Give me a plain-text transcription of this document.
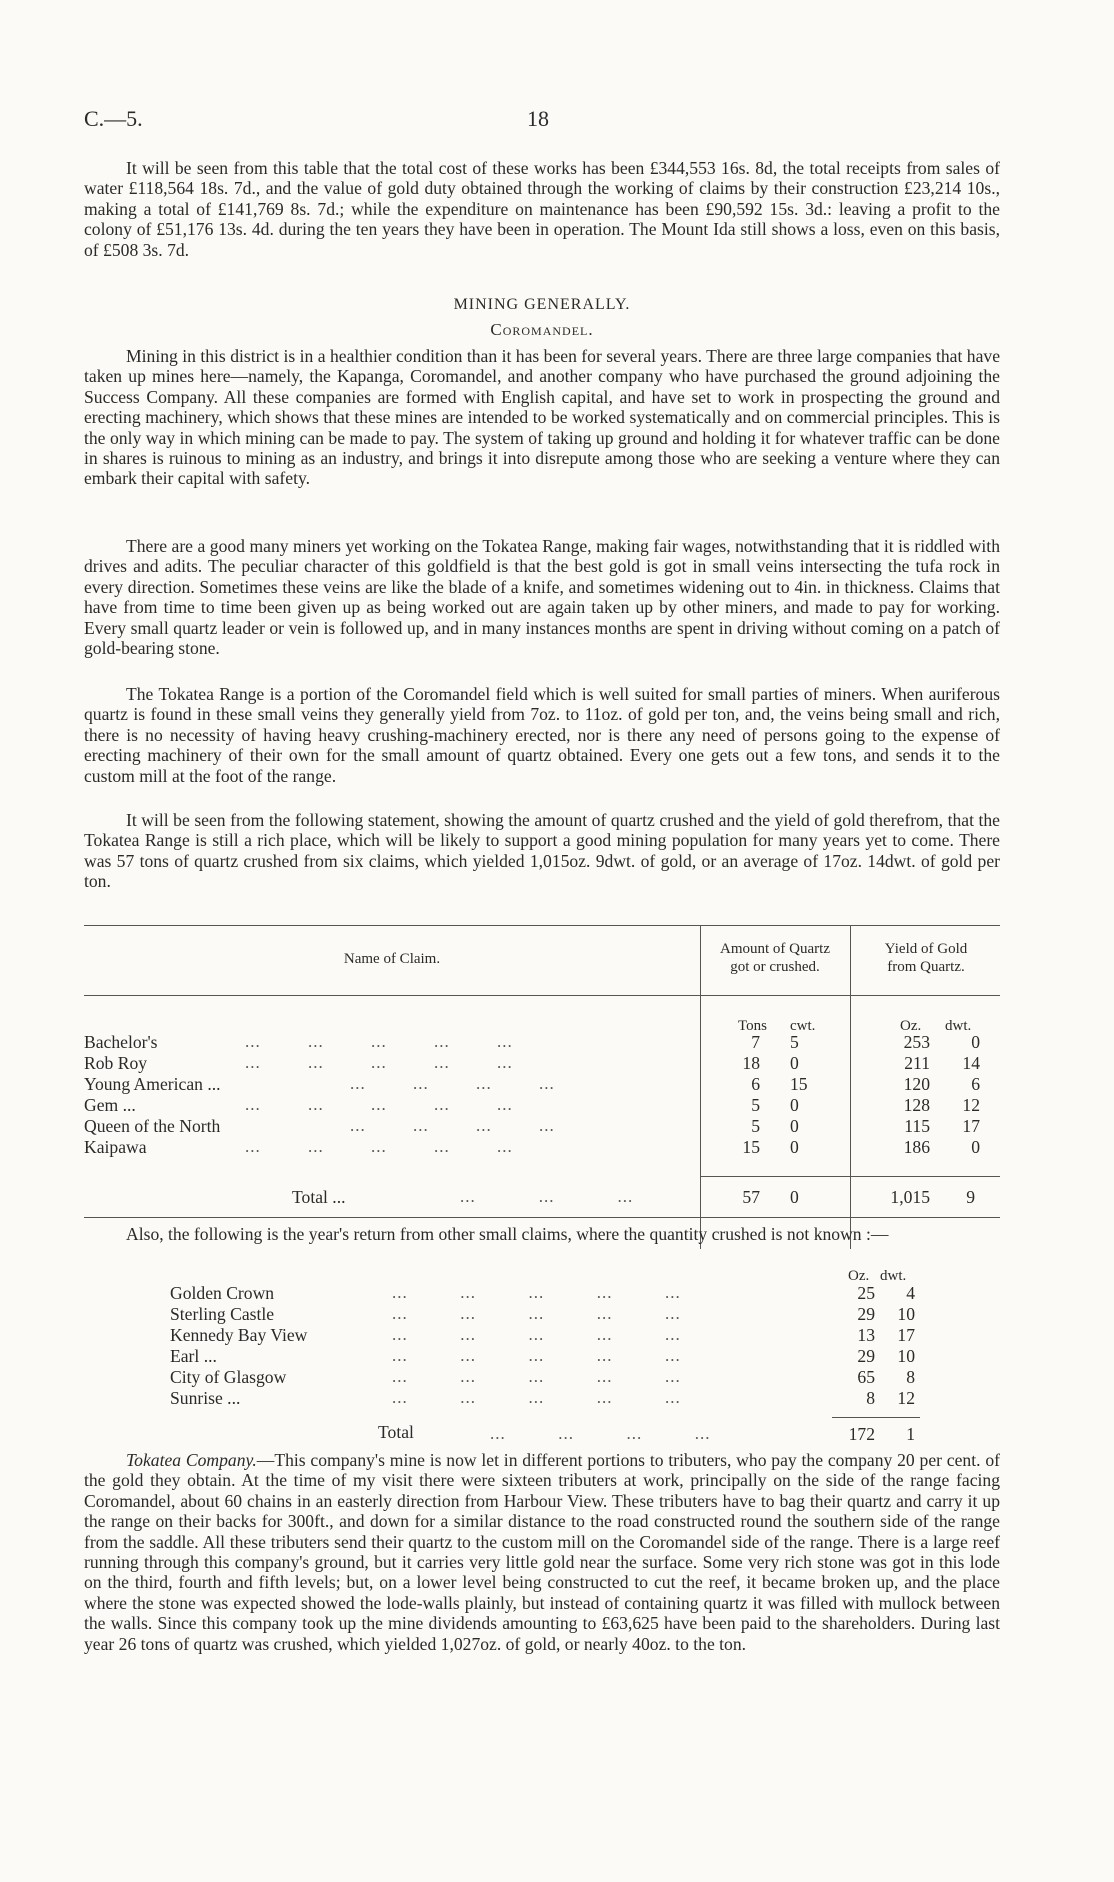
C.—5.	18
It will be seen from this table that the total cost of these works has been £344,553 16s. 8d, the total receipts from sales of water £118,564 18s. 7d., and the value of gold duty obtained through the working of claims by their construction £23,214 10s., making a total of £141,769 8s. 7d.; while the expenditure on maintenance has been £90,592 15s. 3d.: leaving a profit to the colony of £51,176 13s. 4d. during the ten years they have been in operation. The Mount Ida still shows a loss, even on this basis, of £508 3s. 7d.
MINING GENERALLY.
Coromandel.
Mining in this district is in a healthier condition than it has been for several years. There are three large companies that have taken up mines here—namely, the Kapanga, Coromandel, and another company who have purchased the ground adjoining the Success Company. All these companies are formed with English capital, and have set to work in prospecting the ground and erecting machinery, which shows that these mines are intended to be worked systematically and on commercial principles. This is the only way in which mining can be made to pay. The system of taking up ground and holding it for whatever traffic can be done in shares is ruinous to mining as an industry, and brings it into disrepute among those who are seeking a venture where they can embark their capital with safety.
There are a good many miners yet working on the Tokatea Range, making fair wages, notwithstanding that it is riddled with drives and adits. The peculiar character of this goldfield is that the best gold is got in small veins intersecting the tufa rock in every direction. Sometimes these veins are like the blade of a knife, and sometimes widening out to 4in. in thickness. Claims that have from time to time been given up as being worked out are again taken up by other miners, and made to pay for working. Every small quartz leader or vein is followed up, and in many instances months are spent in driving without coming on a patch of gold-bearing stone.
The Tokatea Range is a portion of the Coromandel field which is well suited for small parties of miners. When auriferous quartz is found in these small veins they generally yield from 7oz. to 11oz. of gold per ton, and, the veins being small and rich, there is no necessity of having heavy crushing-machinery erected, nor is there any need of persons going to the expense of erecting machinery of their own for the small amount of quartz obtained. Every one gets out a few tons, and sends it to the custom mill at the foot of the range.
It will be seen from the following statement, showing the amount of quartz crushed and the yield of gold therefrom, that the Tokatea Range is still a rich place, which will be likely to support a good mining population for many years yet to come. There was 57 tons of quartz crushed from six claims, which yielded 1,015oz. 9dwt. of gold, or an average of 17oz. 14dwt. of gold per ton.
Name of Claim.
Amount of Quartz
got or crushed.
Yield of Gold
from Quartz.
Tons cwt.	Oz. dwt.
Bachelor's	...         ...         ...         ...         ...	7 5	253	0
Rob Roy	...         ...         ...         ...         ...	18 0	211	14
Young American ...	...         ...         ...         ...	6 15	120	6
Gem ...	...         ...         ...         ...         ...	5 0	128	12
Queen of the North	...         ...         ...         ...	5 0	115	17
Kaipawa	...         ...         ...         ...         ...	15 0	186	0
Total ...	...            ...            ...	57 0	1,015	9
Also, the following is the year's return from other small claims, where the quantity crushed is not known :—
Oz. dwt.
Golden Crown	...          ...          ...          ...          ...	25	4
Sterling Castle	...          ...          ...          ...          ...	29	10
Kennedy Bay View	...          ...          ...          ...          ...	13	17
Earl ...	...          ...          ...          ...          ...	29	10
City of Glasgow	...          ...          ...          ...          ...	65	8
Sunrise ...	...          ...          ...          ...          ...	8	12
Total	...          ...          ...          ...	172	1
Tokatea Company.—This company's mine is now let in different portions to tributers, who pay the company 20 per cent. of the gold they obtain. At the time of my visit there were sixteen tributers at work, principally on the side of the range facing Coromandel, about 60 chains in an easterly direction from Harbour View. These tributers have to bag their quartz and carry it up the range on their backs for 300ft., and down for a similar distance to the road constructed round the southern side of the range from the saddle. All these tributers send their quartz to the custom mill on the Coromandel side of the range. There is a large reef running through this company's ground, but it carries very little gold near the surface. Some very rich stone was got in this lode on the third, fourth and fifth levels; but, on a lower level being constructed to cut the reef, it became broken up, and the place where the stone was expected showed the lode-walls plainly, but instead of containing quartz it was filled with mullock between the walls. Since this company took up the mine dividends amounting to £63,625 have been paid to the shareholders. During last year 26 tons of quartz was crushed, which yielded 1,027oz. of gold, or nearly 40oz. to the ton.
